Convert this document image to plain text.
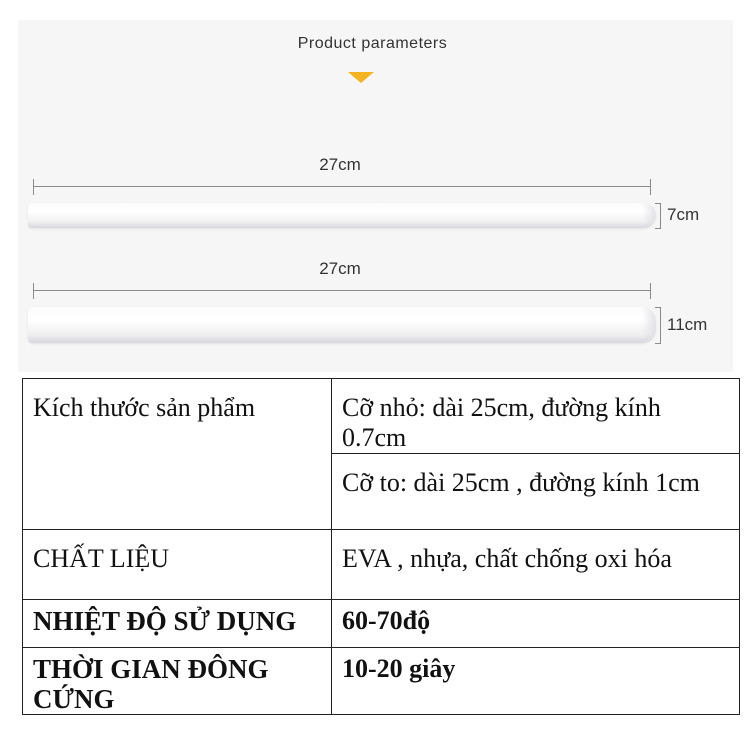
Product parameters
27cm
7cm
27cm
11cm
Kích thước sản phẩm	Cỡ nhỏ: dài 25cm, đường kính 0.7cm
	Cỡ to: dài 25cm , đường kính 1cm
CHẤT LIỆU	EVA , nhựa, chất chống oxi hóa
NHIỆT ĐỘ SỬ DỤNG	60-70độ
THỜI GIAN ĐÔNG CỨNG	10-20 giây
